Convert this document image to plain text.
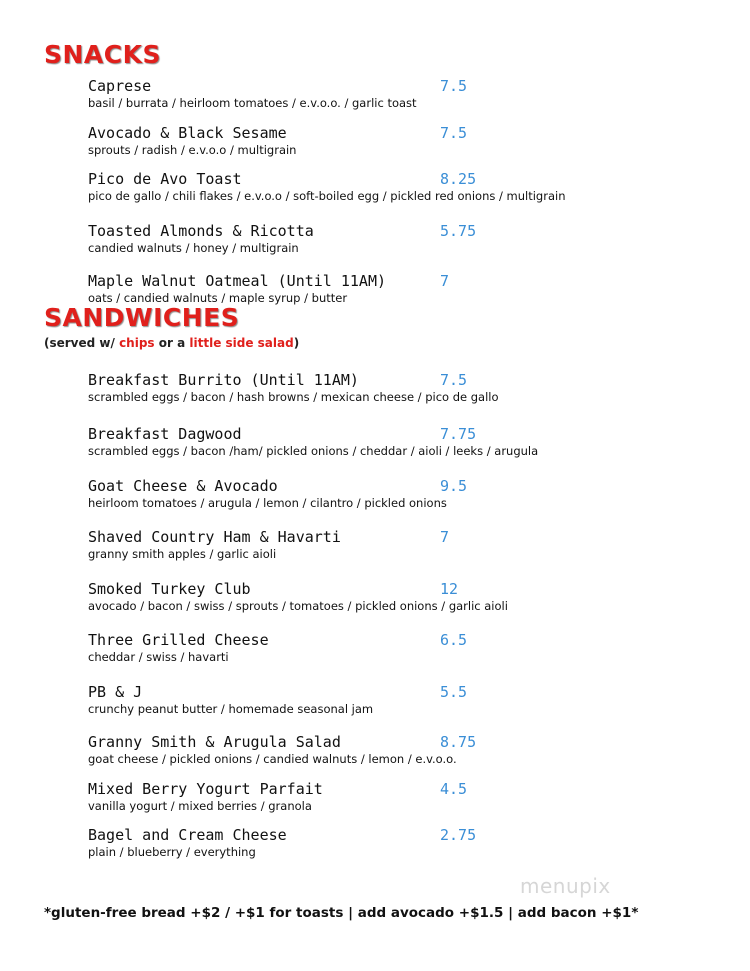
SNACKS
Caprese	7.5
basil / burrata / heirloom tomatoes / e.v.o.o. / garlic toast
Avocado & Black Sesame	7.5
sprouts / radish / e.v.o.o / multigrain
Pico de Avo Toast	8.25
pico de gallo / chili flakes / e.v.o.o / soft-boiled egg / pickled red onions / multigrain
Toasted Almonds & Ricotta	5.75
candied walnuts / honey / multigrain
Maple Walnut Oatmeal (Until 11AM)	7
oats / candied walnuts / maple syrup / butter
SANDWICHES

(served w/ chips or a little side salad)

Breakfast Burrito (Until 11AM)	7.5
scrambled eggs / bacon / hash browns / mexican cheese / pico de gallo
Breakfast Dagwood	7.75
scrambled eggs / bacon /ham/ pickled onions / cheddar / aioli / leeks / arugula
Goat Cheese & Avocado	9.5
heirloom tomatoes / arugula / lemon / cilantro / pickled onions
Shaved Country Ham & Havarti	7
granny smith apples / garlic aioli
Smoked Turkey Club	12
avocado / bacon / swiss / sprouts / tomatoes / pickled onions / garlic aioli
Three Grilled Cheese	6.5
cheddar / swiss / havarti
PB & J	5.5
crunchy peanut butter / homemade seasonal jam
Granny Smith & Arugula Salad	8.75
goat cheese / pickled onions / candied walnuts / lemon / e.v.o.o.
Mixed Berry Yogurt Parfait	4.5
vanilla yogurt / mixed berries / granola
Bagel and Cream Cheese	2.75
plain / blueberry / everything
menupix

*gluten-free bread +$2 / +$1 for toasts | add avocado +$1.5 | add bacon +$1*
